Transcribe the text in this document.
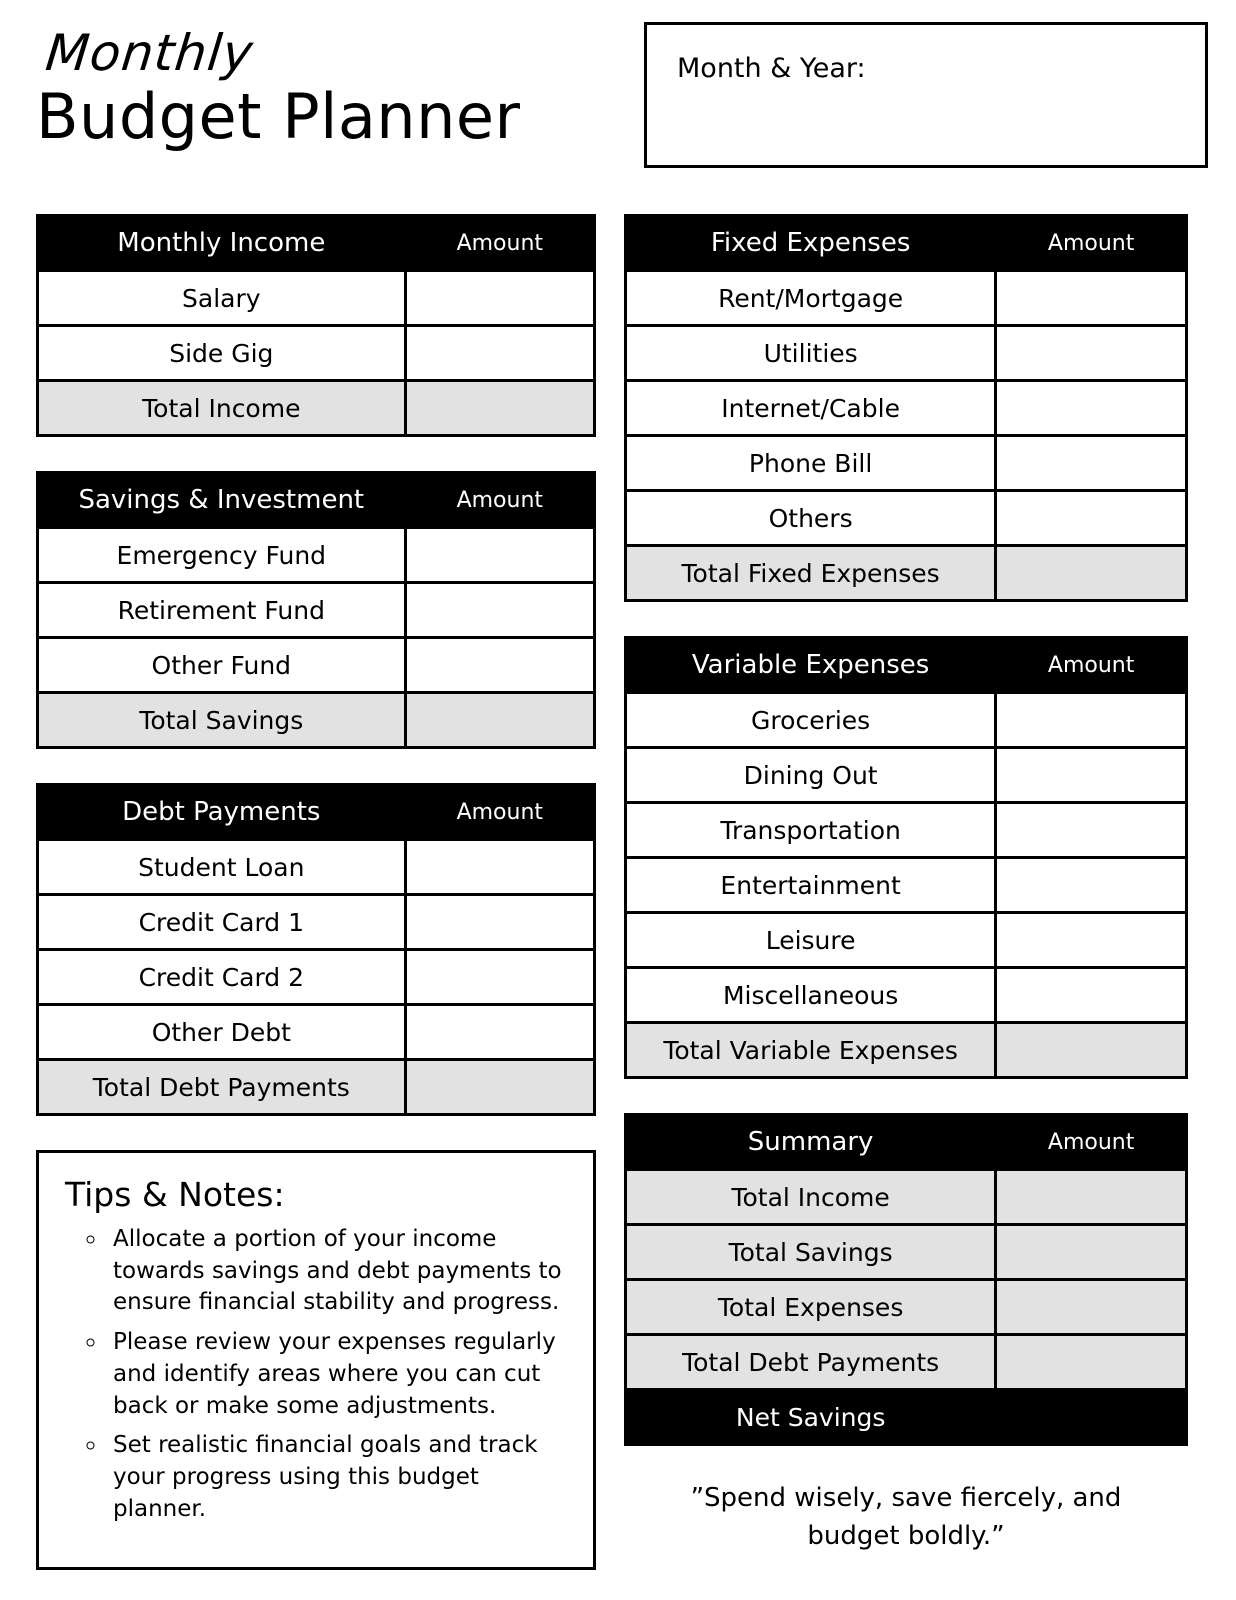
Monthly
Budget Planner
Month & Year:
Monthly Income	Amount
Salary	
Side Gig	
Total Income	
Savings & Investment	Amount
Emergency Fund	
Retirement Fund	
Other Fund	
Total Savings	
Debt Payments	Amount
Student Loan	
Credit Card 1	
Credit Card 2	
Other Debt	
Total Debt Payments	
Tips & Notes:
◦ Allocate a portion of your income towards savings and debt payments to ensure financial stability and progress.
◦ Please review your expenses regularly and identify areas where you can cut back or make some adjustments.
◦ Set realistic financial goals and track your progress using this budget planner.
Fixed Expenses	Amount
Rent/Mortgage	
Utilities	
Internet/Cable	
Phone Bill	
Others	
Total Fixed Expenses	
Variable Expenses	Amount
Groceries	
Dining Out	
Transportation	
Entertainment	
Leisure	
Miscellaneous	
Total Variable Expenses	
Summary	Amount
Total Income	
Total Savings	
Total Expenses	
Total Debt Payments	
Net Savings	
”Spend wisely, save fiercely, and budget boldly.”
